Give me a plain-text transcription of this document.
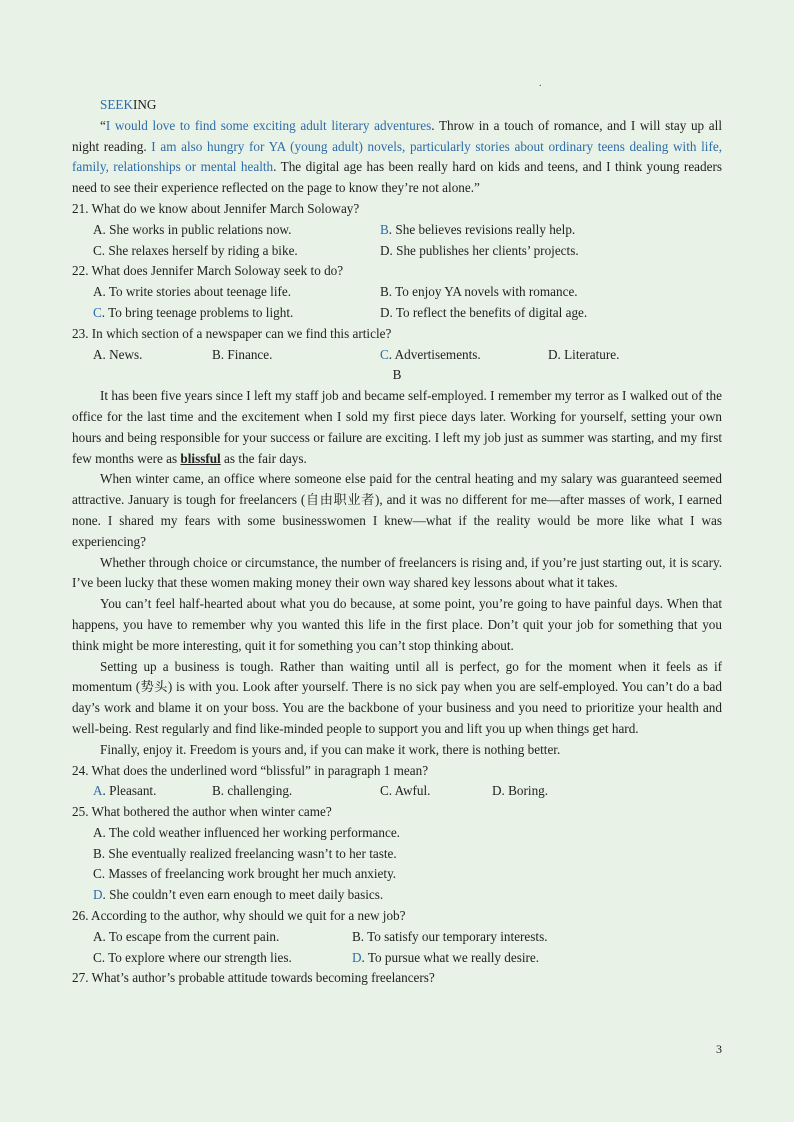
.
SEEKING
“I would love to find some exciting adult literary adventures. Throw in a touch of romance, and I will stay up all night reading. I am also hungry for YA (young adult) novels, particularly stories about ordinary teens dealing with life, family, relationships or mental health. The digital age has been really hard on kids and teens, and I think young readers need to see their experience reflected on the page to know they’re not alone.”
21. What do we know about Jennifer March Soloway?
A. She works in public relations now.	B. She believes revisions really help.
C. She relaxes herself by riding a bike.	D. She publishes her clients’ projects.
22. What does Jennifer March Soloway seek to do?
A. To write stories about teenage life.	B. To enjoy YA novels with romance.
C. To bring teenage problems to light.	D. To reflect the benefits of digital age.
23. In which section of a newspaper can we find this article?
A. News.	B. Finance.	C. Advertisements.	D. Literature.
B
It has been five years since I left my staff job and became self-employed. I remember my terror as I walked out of the office for the last time and the excitement when I sold my first piece days later. Working for yourself, setting your own hours and being responsible for your success or failure are exciting. I left my job just as summer was starting, and my first few months were as blissful as the fair days.
When winter came, an office where someone else paid for the central heating and my salary was guaranteed seemed attractive. January is tough for freelancers (自由职业者), and it was no different for me—after masses of work, I earned none. I shared my fears with some businesswomen I knew—what if the reality would be more like what I was experiencing?
Whether through choice or circumstance, the number of freelancers is rising and, if you’re just starting out, it is scary. I’ve been lucky that these women making money their own way shared key lessons about what it takes.
You can’t feel half-hearted about what you do because, at some point, you’re going to have painful days. When that happens, you have to remember why you wanted this life in the first place. Don’t quit your job for something that you think might be more interesting, quit it for something you can’t stop thinking about.
Setting up a business is tough. Rather than waiting until all is perfect, go for the moment when it feels as if momentum (势头) is with you. Look after yourself. There is no sick pay when you are self-employed. You can’t do a bad day’s work and blame it on your boss. You are the backbone of your business and you need to prioritize your health and well-being. Rest regularly and find like-minded people to support you and lift you up when things get hard.
Finally, enjoy it. Freedom is yours and, if you can make it work, there is nothing better.
24. What does the underlined word “blissful” in paragraph 1 mean?
A. Pleasant.	B. challenging.	C. Awful.	D. Boring.
25. What bothered the author when winter came?
A. The cold weather influenced her working performance.
B. She eventually realized freelancing wasn’t to her taste.
C. Masses of freelancing work brought her much anxiety.
D. She couldn’t even earn enough to meet daily basics.
26. According to the author, why should we quit for a new job?
A. To escape from the current pain.	B. To satisfy our temporary interests.
C. To explore where our strength lies.	D. To pursue what we really desire.
27. What’s author’s probable attitude towards becoming freelancers?
3
